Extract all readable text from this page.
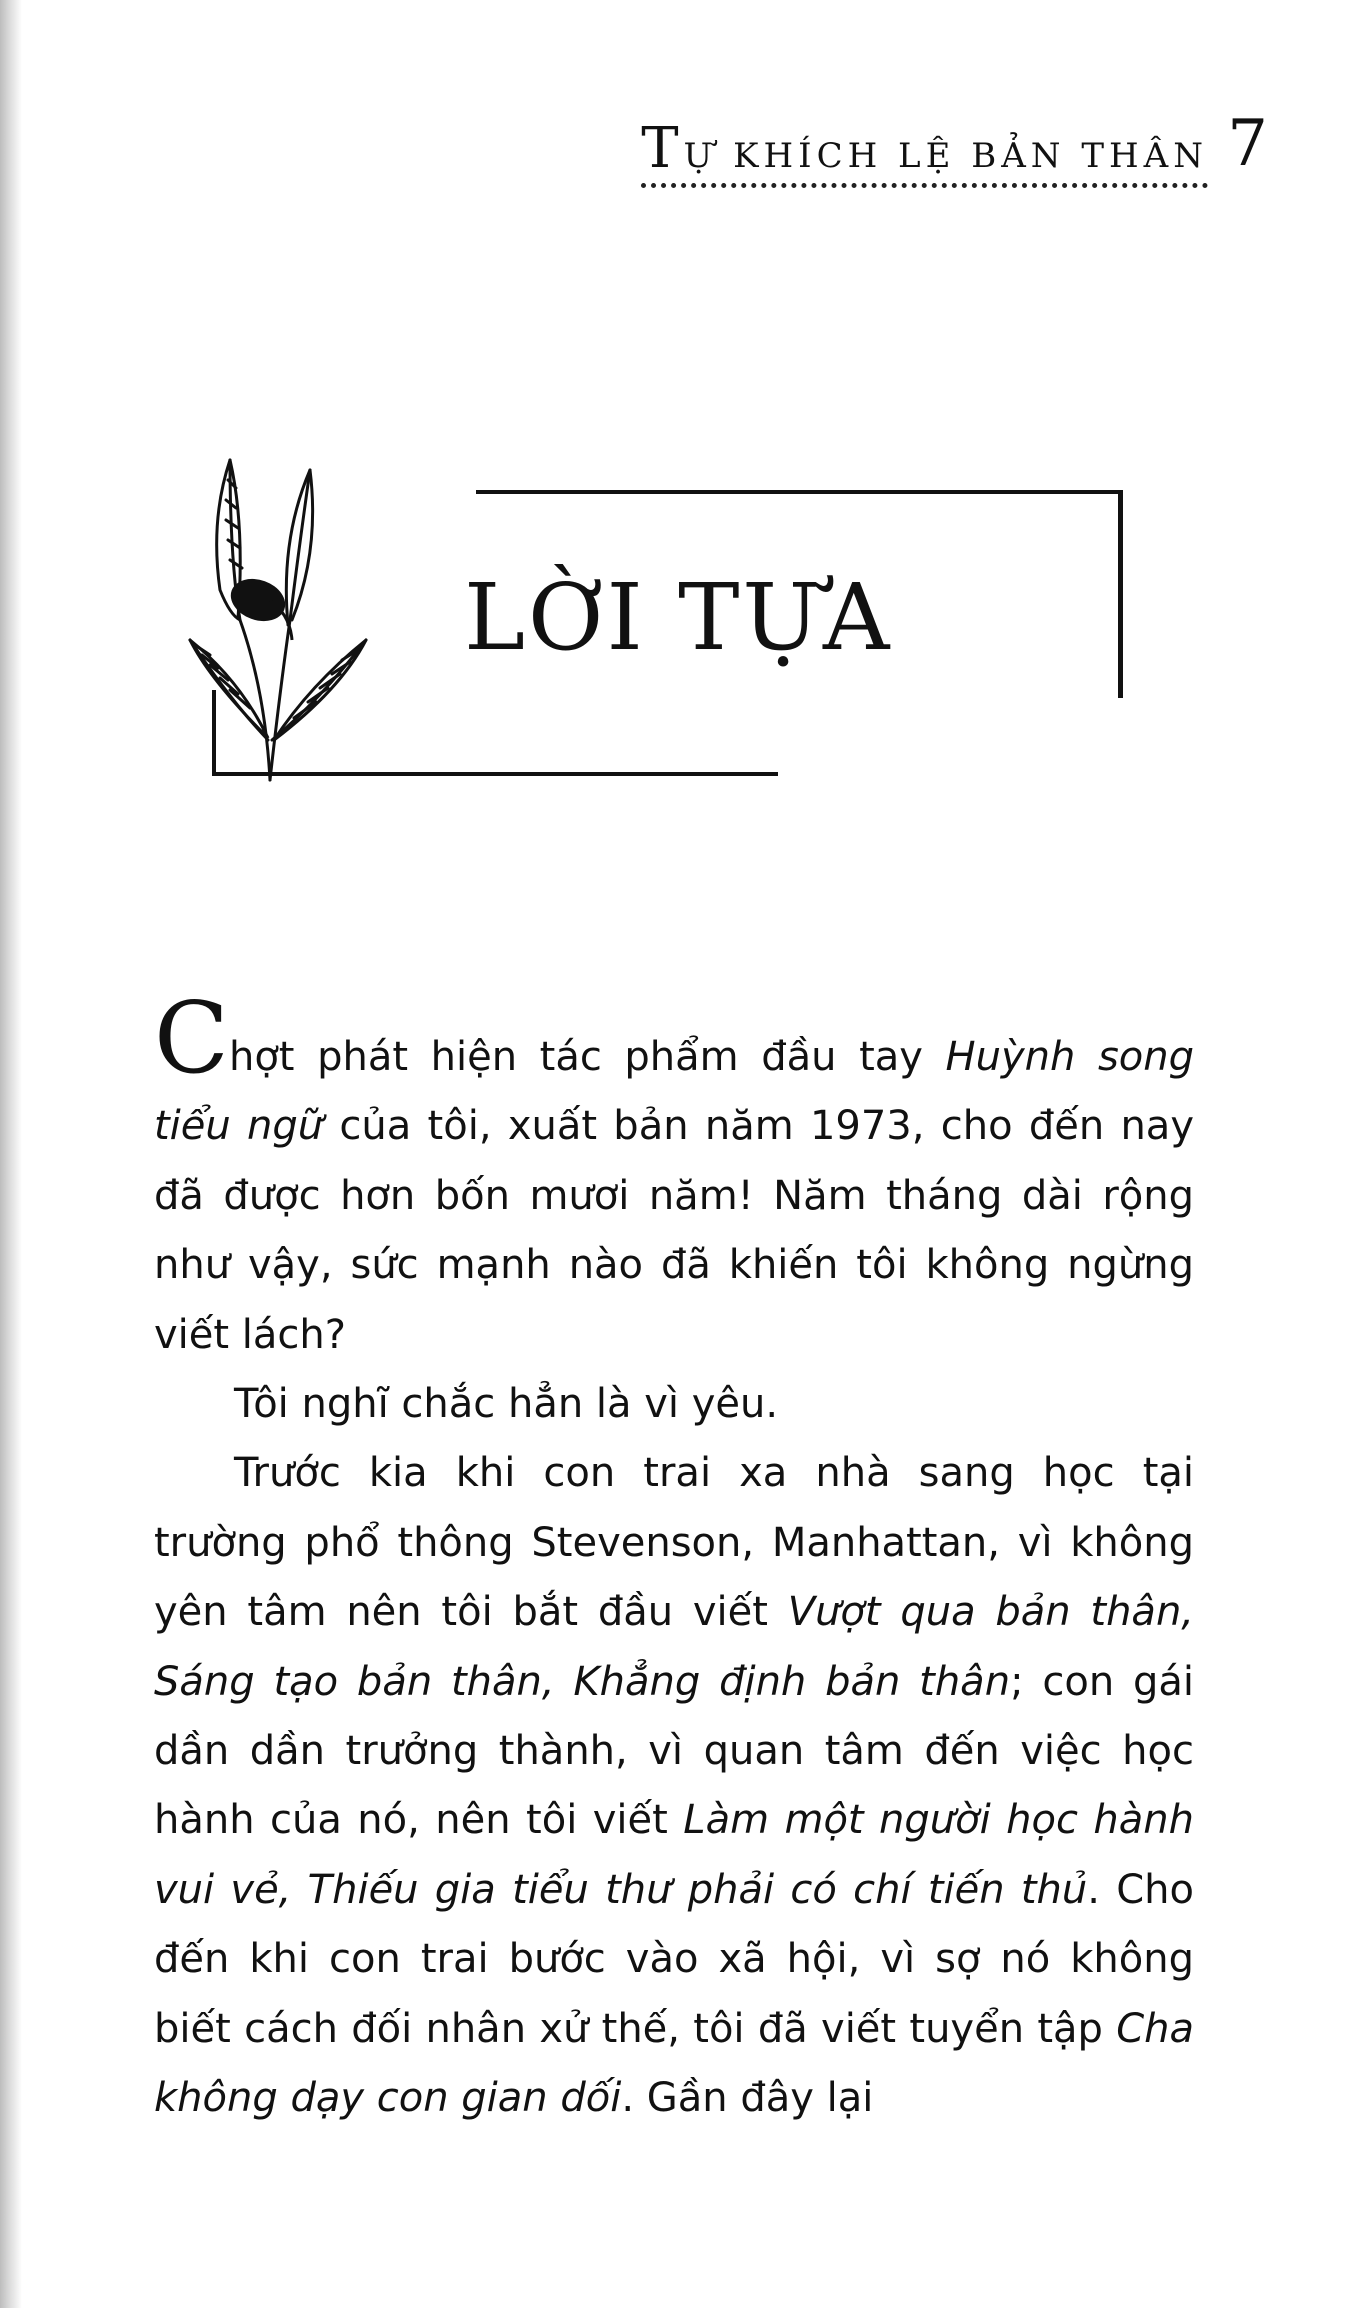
TỰ KHÍCH LỆ BẢN THÂN 7
LỜI TỰA

Chợt phát hiện tác phẩm đầu tay Huỳnh song tiểu ngữ của tôi, xuất bản năm 1973, cho đến nay đã được hơn bốn mươi năm! Năm tháng dài rộng như vậy, sức mạnh nào đã khiến tôi không ngừng viết lách?

Tôi nghĩ chắc hẳn là vì yêu.

Trước kia khi con trai xa nhà sang học tại trường phổ thông Stevenson, Manhattan, vì không yên tâm nên tôi bắt đầu viết Vượt qua bản thân, Sáng tạo bản thân, Khẳng định bản thân; con gái dần dần trưởng thành, vì quan tâm đến việc học hành của nó, nên tôi viết Làm một người học hành vui vẻ, Thiếu gia tiểu thư phải có chí tiến thủ. Cho đến khi con trai bước vào xã hội, vì sợ nó không biết cách đối nhân xử thế, tôi đã viết tuyển tập Cha không dạy con gian dối. Gần đây lại
